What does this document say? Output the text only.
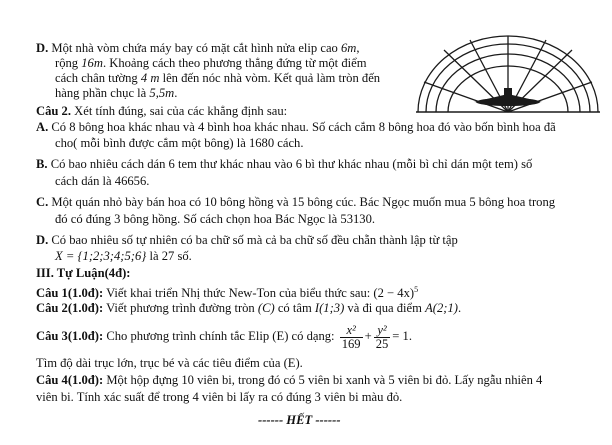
D. Một nhà vòm chứa máy bay có mặt cắt hình nửa elip cao 6m,
rộng 16m. Khoảng cách theo phương thẳng đứng từ một điểm
cách chân tường 4 m lên đến nóc nhà vòm. Kết quả làm tròn đến
hàng phần chục là 5,5m.
Câu 2. Xét tính đúng, sai của các khẳng định sau:
A. Có 8 bông hoa khác nhau và 4 bình hoa khác nhau. Số cách cắm 8 bông hoa đó vào bốn bình hoa đã
cho( mỗi bình được cắm một bông) là 1680 cách.
B. Có bao nhiêu cách dán 6 tem thư khác nhau vào 6 bì thư khác nhau (mỗi bì chỉ dán một tem) số
cách dán là 46656.
C. Một quán nhỏ bày bán hoa có 10 bông hồng và 15 bông cúc. Bác Ngọc muốn mua 5 bông hoa trong
đó có đúng 3 bông hồng. Số cách chọn hoa Bác Ngọc là 53130.
D. Có bao nhiêu số tự nhiên có ba chữ số mà cả ba chữ số đều chẵn thành lập từ tập
X = {1;2;3;4;5;6} là 27 số.
III. Tự Luận(4đ):
Câu 1(1.0đ): Viết khai triển Nhị thức New-Ton của biểu thức sau: $(2 - 4x)^5$
Câu 2(1.0đ): Viết phương trình đường tròn (C) có tâm I(1;3) và đi qua điểm A(2;1).
Câu 3(1.0đ): Cho phương trình chính tắc Elip (E) có dạng: $\frac{\text{x²}}{169} + \frac{\text{y²}}{25} = 1$.
Tìm độ dài trục lớn, trục bé và các tiêu điểm của (E).
Câu 4(1.0đ): Một hộp đựng 10 viên bi, trong đó có 5 viên bi xanh và 5 viên bi đỏ. Lấy ngẫu nhiên 4
viên bi. Tính xác suất để trong 4 viên bi lấy ra có đúng 3 viên bi màu đỏ.
------ HẾT ------
